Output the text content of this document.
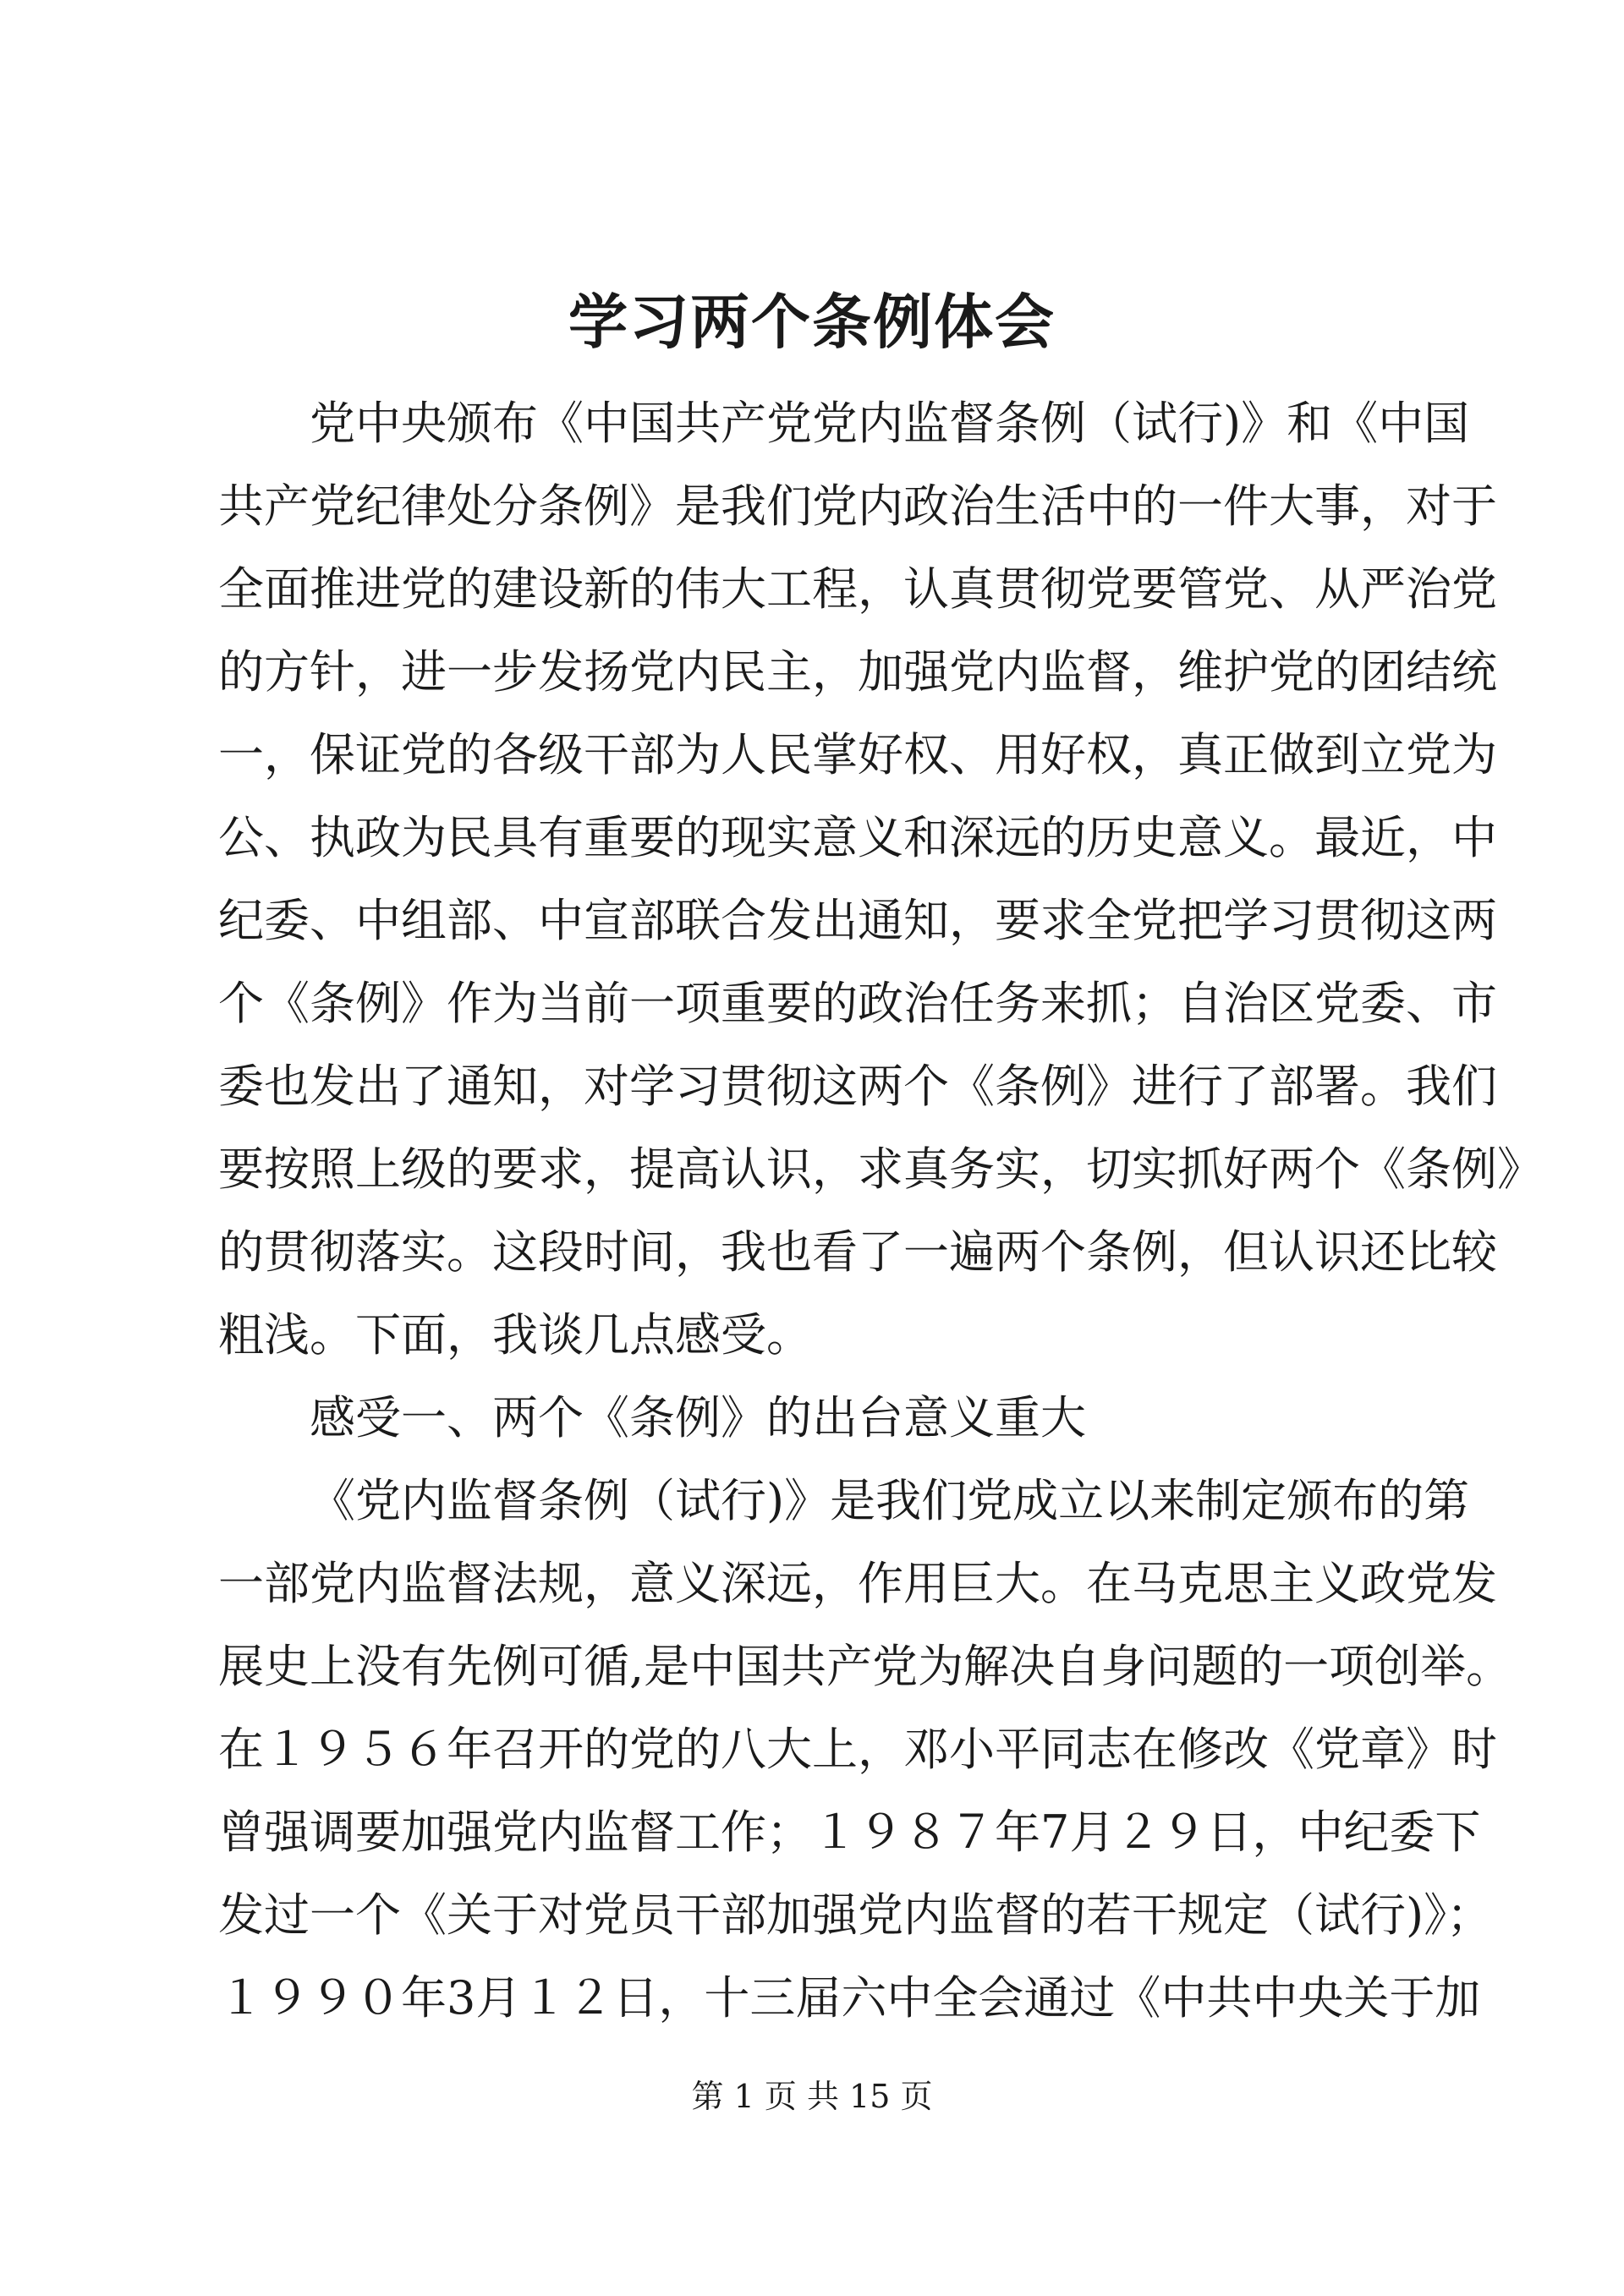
学习两个条例体会
党中央颁布《中国共产党党内监督条例（试行)》和《中国
共产党纪律处分条例》是我们党内政治生活中的一件大事，对于
全面推进党的建设新的伟大工程，认真贯彻党要管党、从严治党
的方针，进一步发扬党内民主，加强党内监督，维护党的团结统
一，保证党的各级干部为人民掌好权、用好权，真正做到立党为
公、执政为民具有重要的现实意义和深远的历史意义。最近，中
纪委、中组部、中宣部联合发出通知，要求全党把学习贯彻这两
个《条例》作为当前一项重要的政治任务来抓；自治区党委、市
委也发出了通知，对学习贯彻这两个《条例》进行了部署。我们
要按照上级的要求，提高认识，求真务实，切实抓好两个《条例》
的贯彻落实。这段时间，我也看了一遍两个条例，但认识还比较
粗浅。下面，我谈几点感受。
感受一、两个《条例》的出台意义重大
《党内监督条例（试行)》是我们党成立以来制定颁布的第
一部党内监督法规，意义深远，作用巨大。在马克思主义政党发
展史上没有先例可循,是中国共产党为解决自身问题的一项创举。
在１９５６年召开的党的八大上，邓小平同志在修改《党章》时
曾强调要加强党内监督工作；１９８７年7月２９日，中纪委下
发过一个《关于对党员干部加强党内监督的若干规定（试行)》；
１９９０年3月１２日，十三届六中全会通过《中共中央关于加
第 1 页 共 15 页
